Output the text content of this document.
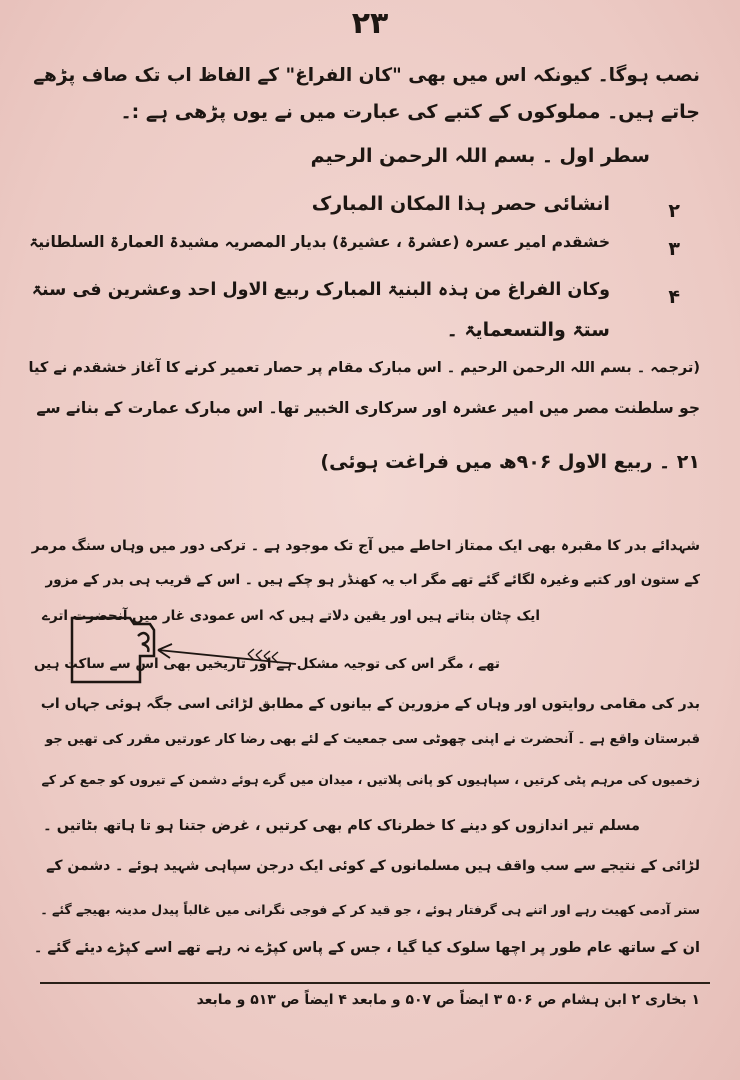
۲۳
نصب ہوگا۔ کیونکہ اس میں بھی "کان الفراغ" کے الفاظ اب تک صاف پڑھے
جاتے ہیں۔ مملوکوں کے کتبے کی عبارت میں نے یوں پڑھی ہے :۔
سطر اول ۔ بسم اللہ الرحمن الرحیم
انشائی حصر ہذا المکان المبارک	۲
خشقدم امیر عسرہ (عشرۃ ، عشیرۃ) بدیار المصریہ مشیدۃ العمارۃ السلطانیۃ	۳
وکان الفراغ من ہذہ البنیۃ المبارک ربیع الاول احد وعشرین فی سنۃ	۴
ستۃ والتسعمایۃ ۔
(ترجمہ ۔ بسم اللہ الرحمن الرحیم ۔ اس مبارک مقام پر حصار تعمیر کرنے کا آغاز خشقدم نے کیا
جو سلطنت مصر میں امیر عشرہ اور سرکاری الخبیر تھا۔ اس مبارک عمارت کے بنانے سے
۲۱ ۔ ربیع الاول ۹۰۶ھ میں فراغت ہوئی)
شہدائے بدر کا مقبرہ بھی ایک ممتاز احاطے میں آج تک موجود ہے ۔ ترکی دور میں وہاں سنگ مرمر
کے ستون اور کتبے وغیرہ لگائے گئے تھے مگر اب یہ کھنڈر ہو چکے ہیں ۔ اس کے قریب ہی بدر کے مزور
ایک چٹان بتاتے ہیں اور یقین دلاتے ہیں کہ اس عمودی غار میں آنحضرت اترے
تھے ، مگر اس کی توجیہ مشکل ہے اور تاریخیں بھی اس سے ساکت ہیں
بدر کی مقامی روایتوں اور وہاں کے مزورین کے بیانوں کے مطابق لڑائی اسی جگہ ہوئی جہاں اب
قبرستان واقع ہے ۔ آنحضرت نے اپنی چھوٹی سی جمعیت کے لئے بھی رضا کار عورتیں مقرر کی تھیں جو
زخمیوں کی مرہم پٹی کرتیں ، سپاہیوں کو پانی پلاتیں ، میدان میں گرے ہوئے دشمن کے تیروں کو جمع کر کے
مسلم تیر اندازوں کو دینے کا خطرناک کام بھی کرتیں ، غرض جتنا ہو تا ہاتھ بٹاتیں ۔
لڑائی کے نتیجے سے سب واقف ہیں مسلمانوں کے کوئی ایک درجن سپاہی شہید ہوئے ۔ دشمن کے
ستر آدمی کھیت رہے اور اتنے ہی گرفتار ہوئے ، جو قید کر کے فوجی نگرانی میں غالباً پیدل مدینہ بھیجے گئے ۔
ان کے ساتھ عام طور پر اچھا سلوک کیا گیا ، جس کے پاس کپڑے نہ رہے تھے اسے کپڑے دیئے گئے ۔
۱ بخاری ۲ ابن ہشام ص ۵۰۶ ۳ ایضاً ص ۵۰۷ و مابعد ۴ ایضاً ص ۵۱۳ و مابعد
